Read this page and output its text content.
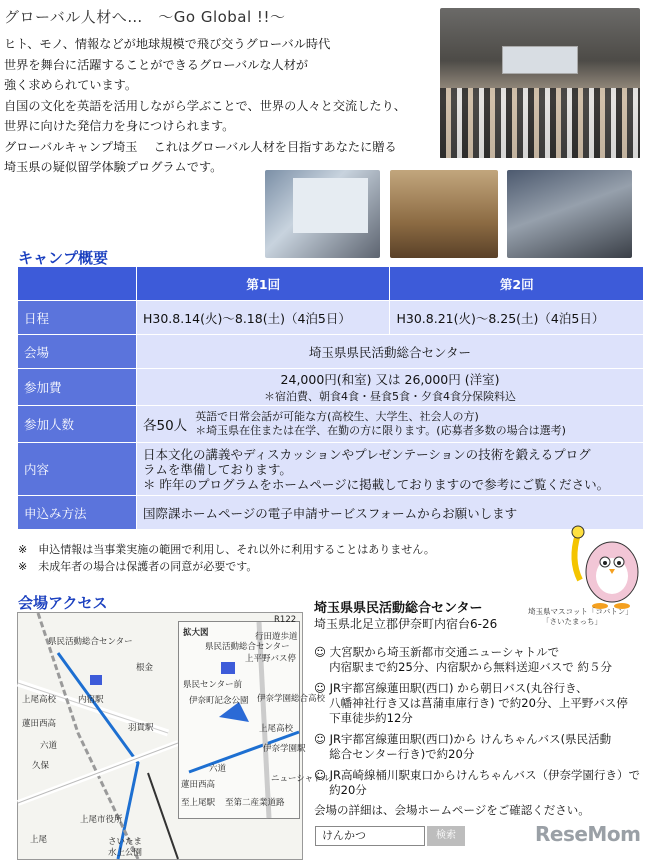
グローバル人材へ…　～Go Global !!～
ヒト、モノ、情報などが地球規模で飛び交うグローバル時代
世界を舞台に活躍することができるグローバルな人材が
強く求められています。
自国の文化を英語を活用しながら学ぶことで、世界の人々と交流したり、
世界に向けた発信力を身につけられます。
グローバルキャンプ埼玉　 これはグローバル人材を目指すあなたに贈る
埼玉県の疑似留学体験プログラムです。
キャンプ概要
	第1回	第2回
日程	H30.8.14(火)～8.18(土)（4泊5日）	H30.8.21(火)～8.25(土)（4泊5日）
会場	埼玉県県民活動総合センター	
参加費	24,000円(和室) 又は 26,000円 (洋室)
＊宿泊費、朝食4食・昼食5食・夕食4食分保険料込	

参加人数	各50人
英語で日常会話が可能な方(高校生、大学生、社会人の方)
＊埼玉県在住または在学、在勤の方に限ります。(応募者多数の場合は選考)	

内容	日本文化の講義やディスカッションやプレゼンテーションの技術を鍛えるプログ
ラムを準備しております。
＊ 昨年のプログラムをホームページに掲載しておりますので参考にご覧ください。	

申込み方法	国際課ホームページの電子申請サービスフォームからお願いします	
※　申込情報は当事業実施の範囲で利用し、それ以外に利用することはありません。
※　未成年者の場合は保護者の同意が必要です。
埼玉県マスコット「コバトン」
「さいたまっち」
会場アクセス
県民活動総合センター
根金
上尾高校	内宿駅
羽貫駅
蓮田西高
六道
久保
上尾市役所
上尾	さいたま
水上公園
拡大図
県民活動総合センター
行田遊歩道
上平野バス停
県民センター前
伊奈町記念公園 伊奈学園総合高校
上尾高校
伊奈学園駅
六道
蓮田西高
至上尾駅 至第二産業道路
ニューシャトル
R122
埼玉県県民活動総合センター
埼玉県北足立郡伊奈町内宿台6-26
☺ 大宮駅から埼玉新都市交通ニューシャトルで
　 内宿駅まで約25分、内宿駅から無料送迎バスで 約５分
☺ JR宇都宮線蓮田駅(西口) から朝日バス(丸谷行き、
　 八幡神社行き又は菖蒲車庫行き) で約20分、上平野バス停
　 下車徒歩約12分
☺ JR宇都宮線蓮田駅(西口)から けんちゃんバス(県民活動
　 総合センター行き)で約20分
☺ JR高崎線桶川駅東口からけんちゃんバス（伊奈学園行き）で
　 約20分
会場の詳細は、会場ホームページをご確認ください。
けんかつ	検索	ReseMom
